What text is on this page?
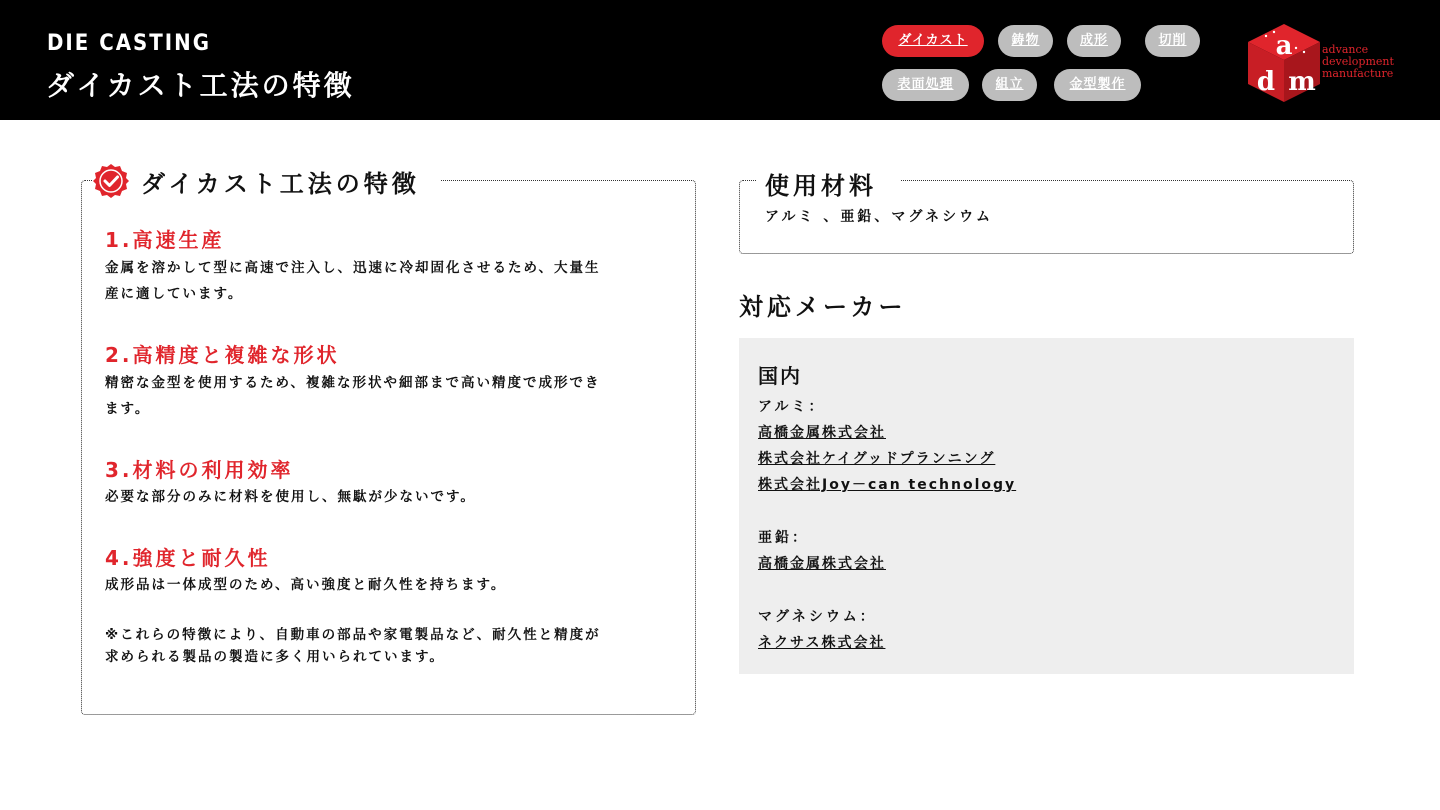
DIE CASTING
ダイカスト工法の特徴
ダイカスト	鋳物	成形	切削
表面処理	組立	金型製作
a
d m
advance
development
manufacture
ダイカスト工法の特徴
1.高速生産
金属を溶かして型に高速で注入し、迅速に冷却固化させるため、大量生
産に適しています。
2.高精度と複雑な形状
精密な金型を使用するため、複雑な形状や細部まで高い精度で成形でき
ます。
3.材料の利用効率
必要な部分のみに材料を使用し、無駄が少ないです。
4.強度と耐久性
成形品は一体成型のため、高い強度と耐久性を持ちます。
※これらの特徴により、自動車の部品や家電製品など、耐久性と精度が
求められる製品の製造に多く用いられています。
使用材料
アルミ 、亜鉛、マグネシウム
対応メーカー
国内
アルミ：
高橋金属株式会社
株式会社ケイグッドプランニング
株式会社Joy－can technology
亜鉛：
高橋金属株式会社
マグネシウム：
ネクサス株式会社
